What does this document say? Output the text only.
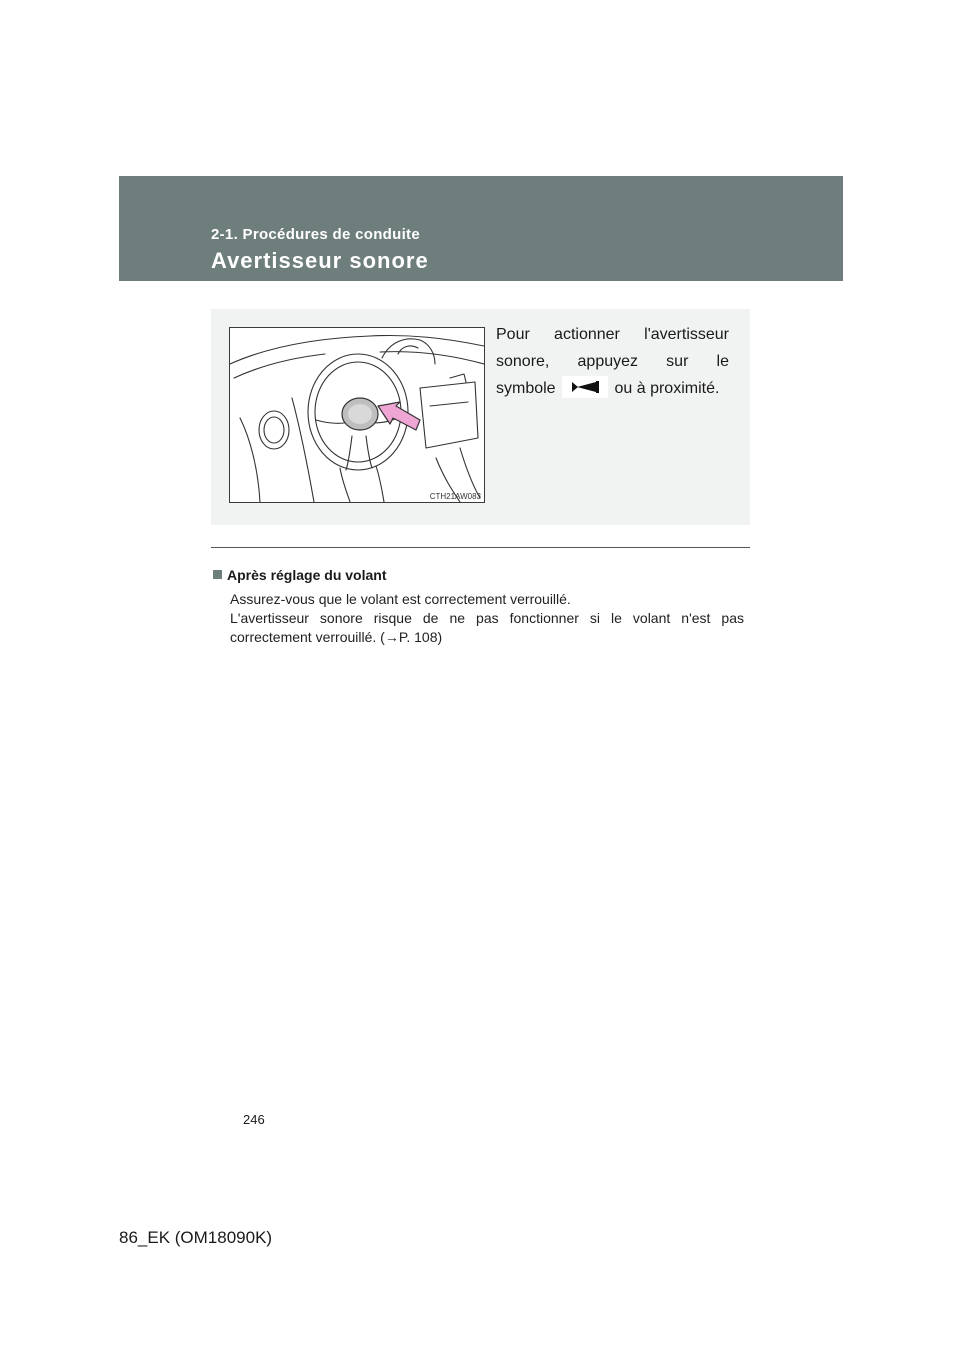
2-1. Procédures de conduite
Avertisseur sonore
CTH21AW083
Pour actionner l'avertisseur
sonore, appuyez sur le
symbole	ou à proximité.
Après réglage du volant

Assurez-vous que le volant est correctement verrouillé.

L'avertisseur sonore risque de ne pas fonctionner si le volant n'est pas

correctement verrouillé. (→P. 108)

246
86_EK (OM18090K)
